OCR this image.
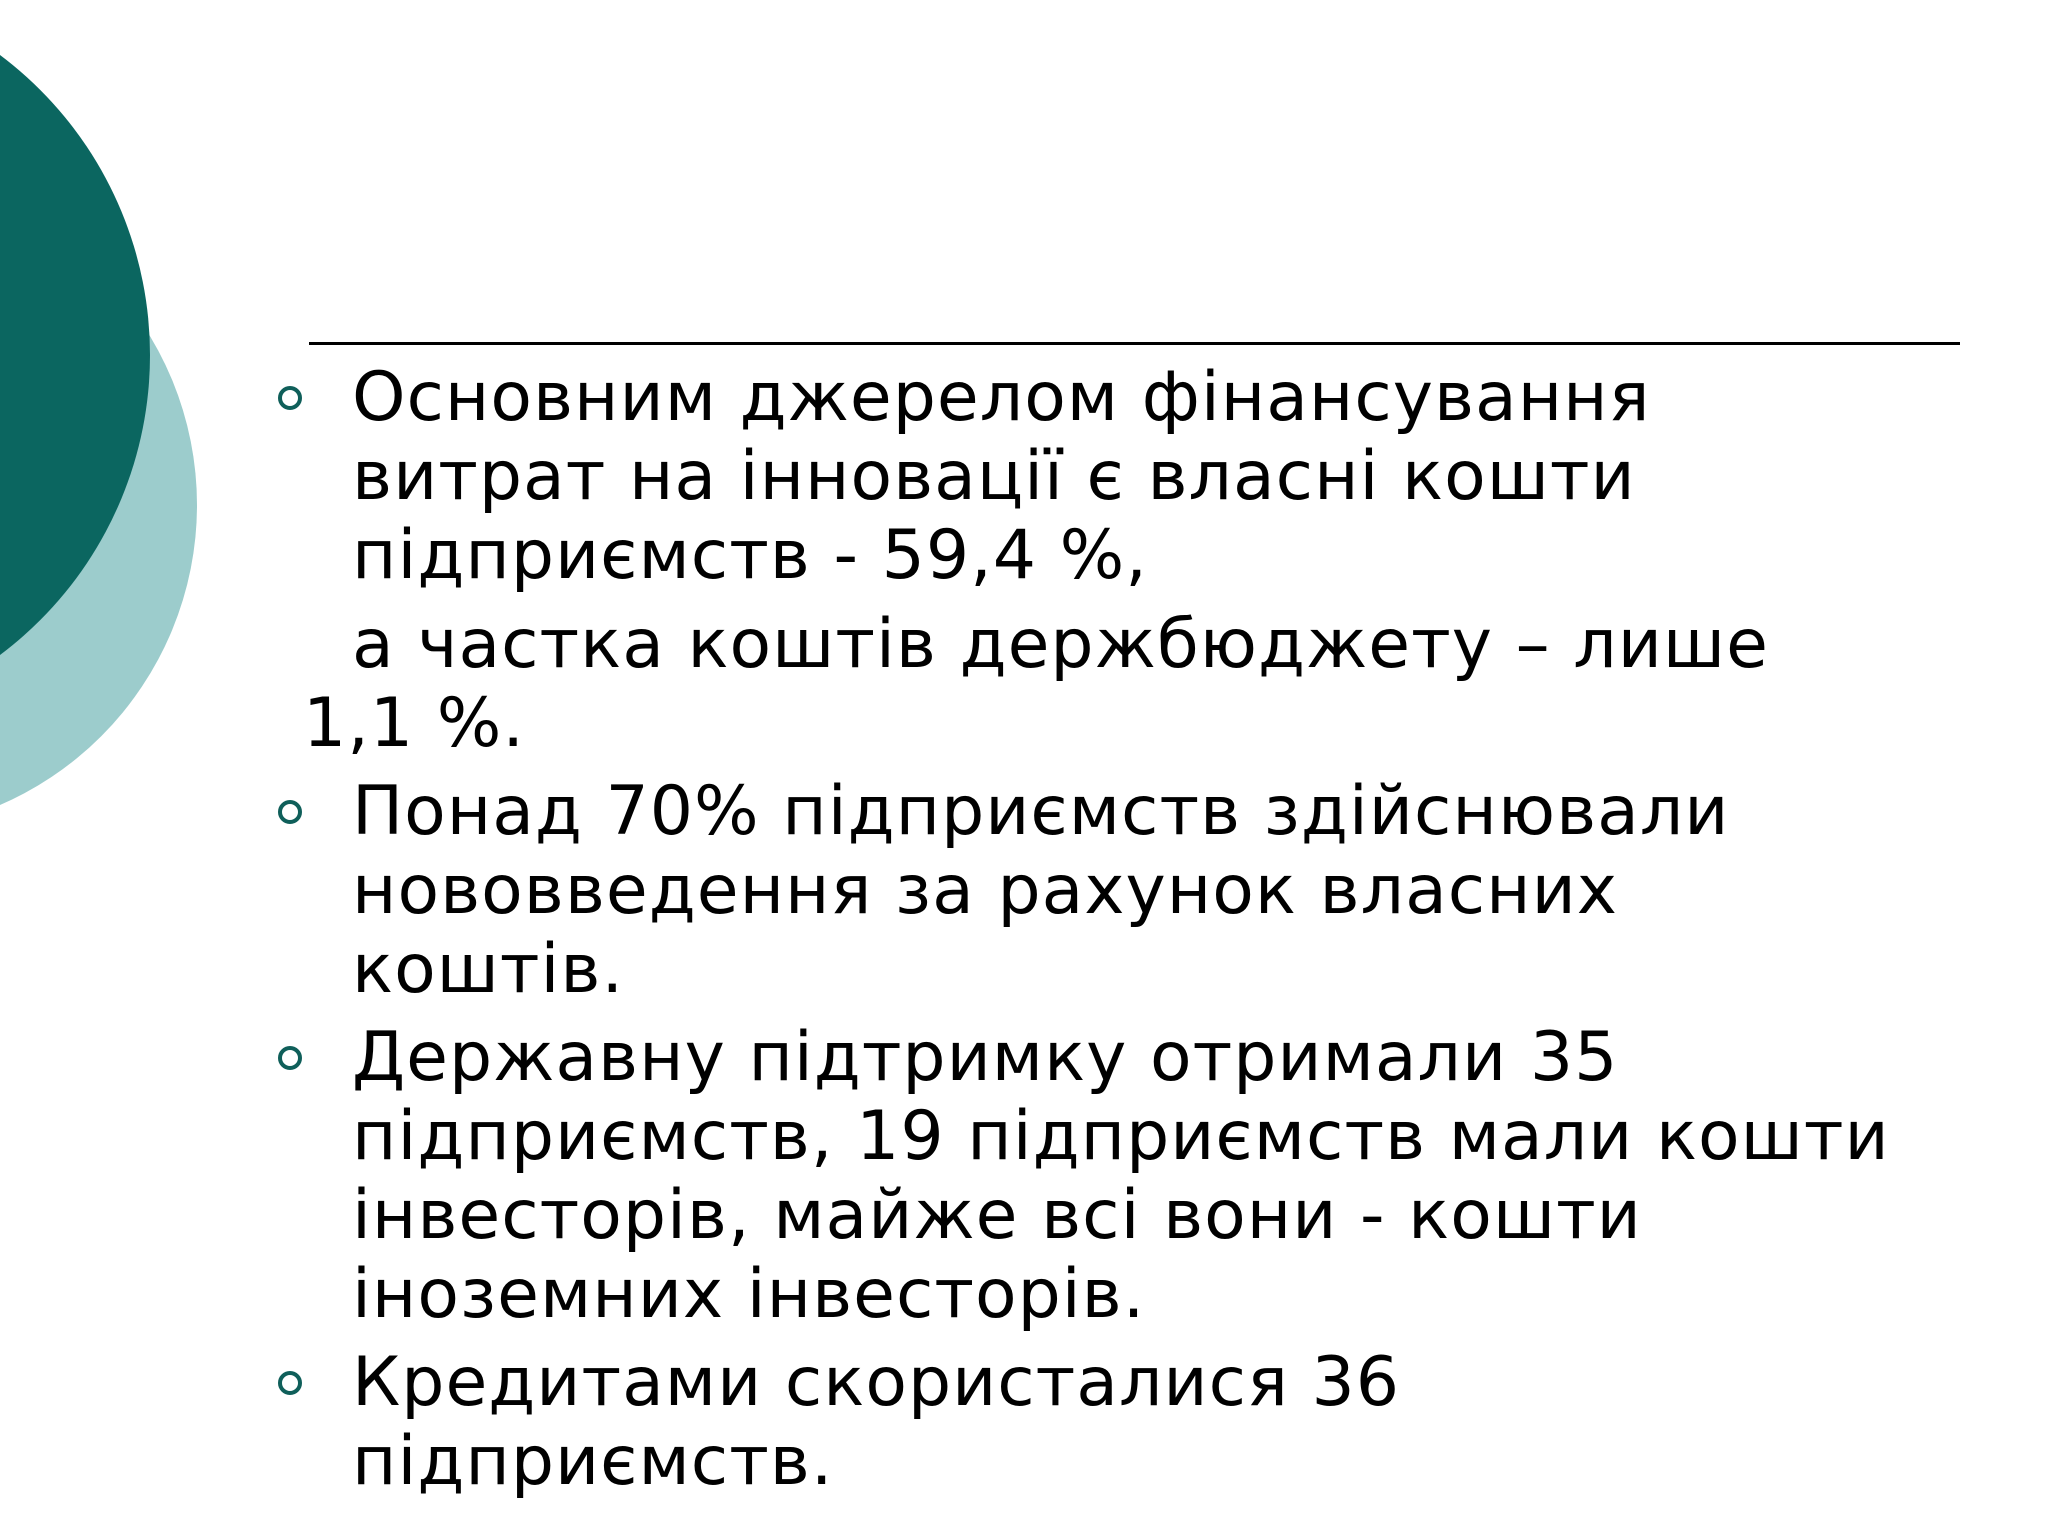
Основним джерелом фінансування
витрат на інновації є власні кошти
підприємств - 59,4 %,
а частка коштів держбюджету – лише
1,1 %.
Понад 70% підприємств здійснювали
нововведення за рахунок власних
коштів.
Державну підтримку отримали 35
підприємств, 19 підприємств мали кошти
інвесторів, майже всі вони - кошти
іноземних інвесторів.
Кредитами скористалися 36
підприємств.
